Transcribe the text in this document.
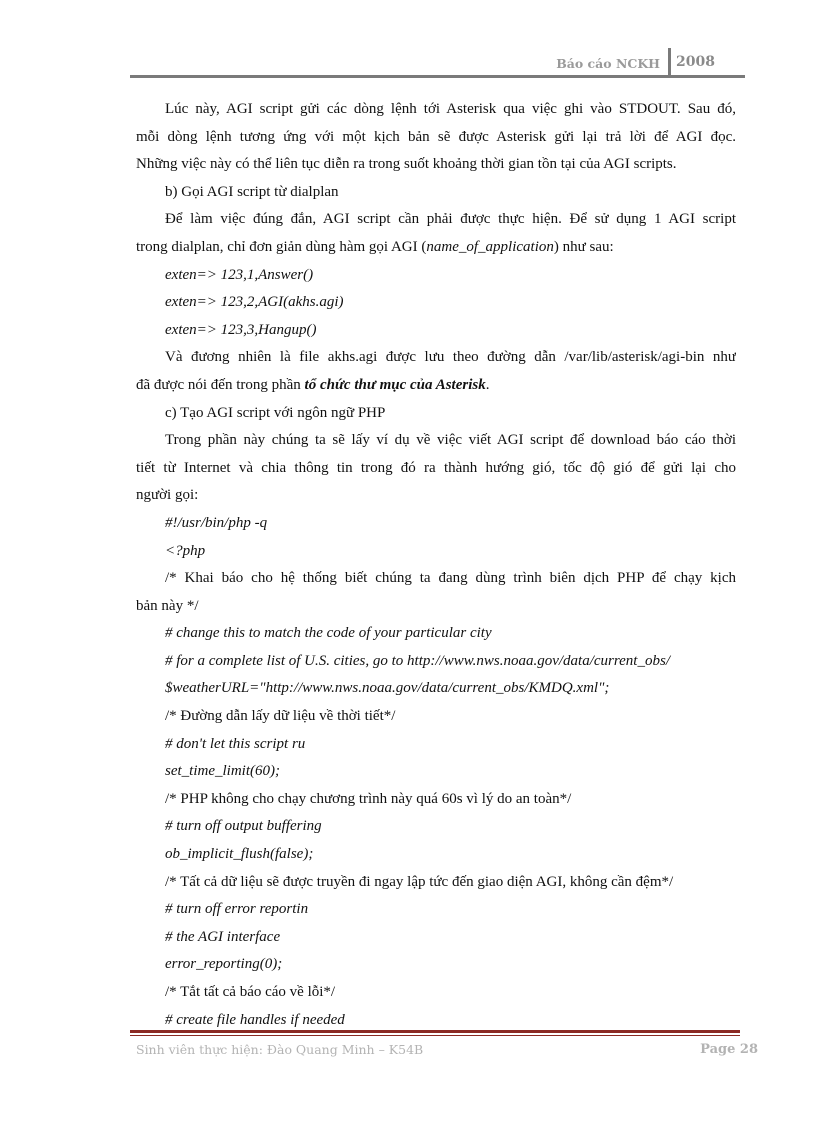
Báo cáo NCKH 2008
Lúc này, AGI script gửi các dòng lệnh tới Asterisk qua việc ghi vào STDOUT. Sau đó,
mỗi dòng lệnh tương ứng với một kịch bản sẽ được Asterisk gửi lại trả lời để AGI đọc.
Những việc này có thể liên tục diễn ra trong suốt khoảng thời gian tồn tại của AGI scripts.
b) Gọi AGI script từ dialplan
Để làm việc đúng đắn, AGI script cần phải được thực hiện. Để sử dụng 1 AGI script
trong dialplan, chỉ đơn giản dùng hàm gọi AGI (name_of_application) như sau:
exten=> 123,1,Answer()
exten=> 123,2,AGI(akhs.agi)
exten=> 123,3,Hangup()
Và đương nhiên là file akhs.agi được lưu theo đường dẫn /var/lib/asterisk/agi-bin như
đã được nói đến trong phần tổ chức thư mục của Asterisk.
c) Tạo AGI script với ngôn ngữ PHP
Trong phần này chúng ta sẽ lấy ví dụ về việc viết AGI script để download báo cáo thời
tiết từ Internet và chia thông tin trong đó ra thành hướng gió, tốc độ gió để gửi lại cho
người gọi:
#!/usr/bin/php -q
<?php
/* Khai báo cho hệ thống biết chúng ta đang dùng trình biên dịch PHP để chạy kịch
bản này */
# change this to match the code of your particular city
# for a complete list of U.S. cities, go to http://www.nws.noaa.gov/data/current_obs/
$weatherURL="http://www.nws.noaa.gov/data/current_obs/KMDQ.xml";
/* Đường dẫn lấy dữ liệu về thời tiết*/
# don't let this script ru
set_time_limit(60);
/* PHP không cho chạy chương trình này quá 60s vì lý do an toàn*/
# turn off output buffering
ob_implicit_flush(false);
/* Tất cả dữ liệu sẽ được truyền đi ngay lập tức đến giao diện AGI, không cần đệm*/
# turn off error reportin
# the AGI interface
error_reporting(0);
/* Tắt tất cả báo cáo về lỗi*/
# create file handles if needed
Sinh viên thực hiện: Đào Quang Minh – K54B	Page 28
